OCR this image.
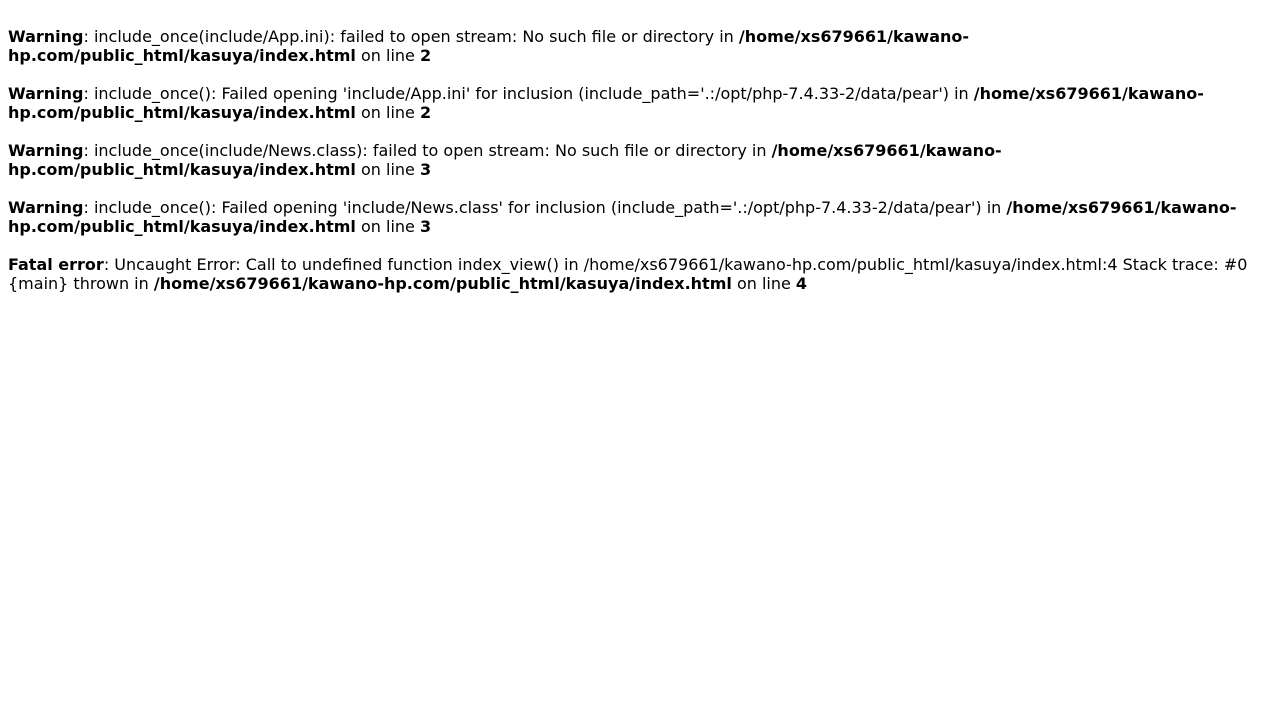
Warning: include_once(include/App.ini): failed to open stream: No such file or directory in /home/xs679661/kawano-hp.com/public_html/kasuya/index.html on line 2

Warning: include_once(): Failed opening 'include/App.ini' for inclusion (include_path='.:/opt/php-7.4.33-2/data/pear') in /home/xs679661/kawano-hp.com/public_html/kasuya/index.html on line 2

Warning: include_once(include/News.class): failed to open stream: No such file or directory in /home/xs679661/kawano-hp.com/public_html/kasuya/index.html on line 3

Warning: include_once(): Failed opening 'include/News.class' for inclusion (include_path='.:/opt/php-7.4.33-2/data/pear') in /home/xs679661/kawano-hp.com/public_html/kasuya/index.html on line 3

Fatal error: Uncaught Error: Call to undefined function index_view() in /home/xs679661/kawano-hp.com/public_html/kasuya/index.html:4 Stack trace: #0 {main} thrown in /home/xs679661/kawano-hp.com/public_html/kasuya/index.html on line 4
